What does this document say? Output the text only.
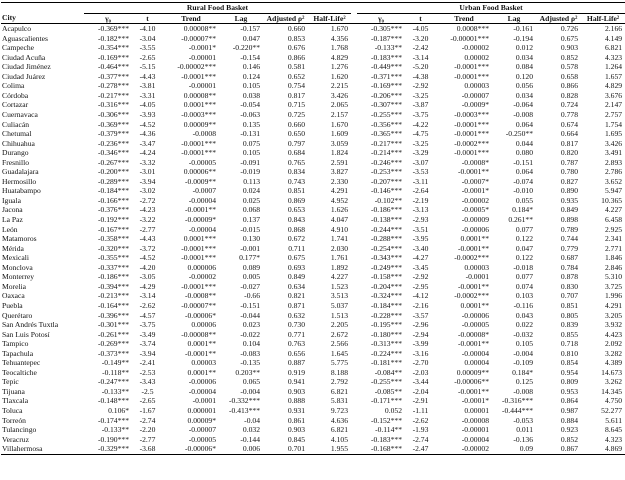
	Rural Food Basket							Urban Food Basket					
City	γ₀	t	Trend	Lag	Adjusted ρ²	Half-Life²		γ₀	t	Trend	Lag	Adjusted ρ²	Half-Life²
Acapulco	-0.369***	-4.10	0.00008**	-0.157	0.660	1.670		-0.305***	-4.05	0.0008***	-0.161	0.726	2.166
Aguascalientes	-0.182***	-3.04	-0.00007**	0.047	0.853	4.356		-0.187***	-3.20	-0.00001***	-0.194	0.675	4.149
Campeche	-0.354***	-3.55	-0.0001*	-0.220**	0.676	1.768		-0.133**	-2.42	-0.00002	0.012	0.903	6.821
Ciudad Acuña	-0.169***	-2.65	-0.00001	-0.154	0.866	4.829		-0.183***	-3.14	0.00002	0.034	0.852	4.323
Ciudad Jiménez	-0.464***	-5.15	-0.00002***	0.146	0.581	1.276		-0.449***	-5.20	-0.0001***	0.084	0.578	1.264
Ciudad Juárez	-0.377***	-4.43	-0.0001***	0.124	0.652	1.620		-0.371***	-4.38	-0.0001***	0.120	0.658	1.657
Colima	-0.278***	-3.81	-0.00001	0.105	0.754	2.215		-0.169***	-2.92	0.00003	0.056	0.866	4.829
Córdoba	-0.217***	-3.31	0.00008**	0.038	0.817	3.426		-0.206***	-3.25	-0.00007	0.034	0.828	3.676
Cortazar	-0.316***	-4.05	0.0001***	-0.054	0.715	2.065		-0.307***	-3.87	-0.0009*	-0.064	0.724	2.147
Cuernavaca	-0.306***	-3.93	-0.0003***	-0.063	0.725	2.157		-0.255***	-3.75	-0.0003***	-0.008	0.778	2.757
Culiacán	-0.369***	-4.52	0.00009**	0.135	0.660	1.670		-0.356***	-4.22	-0.0001***	0.064	0.674	1.754
Chetumal	-0.379***	-4.36	-0.0008	-0.131	0.650	1.609		-0.365***	-4.75	-0.0001***	-0.250**	0.664	1.695
Chihuahua	-0.236***	-3.47	-0.0001***	0.075	0.797	3.059		-0.217***	-3.25	-0.0002***	0.044	0.817	3.426
Durango	-0.346***	-4.24	-0.0001***	0.105	0.684	1.824		-0.214***	-3.29	-0.0001***	0.080	0.820	3.491
Fresnillo	-0.267***	-3.32	-0.00005	-0.091	0.765	2.591		-0.246***	-3.07	-0.0008*	-0.151	0.787	2.893
Guadalajara	-0.200***	-3.01	0.00006**	-0.019	0.834	3.827		-0.253***	-3.53	-0.0001**	0.064	0.780	2.786
Hermosillo	-0.289***	-3.94	-0.0009**	0.113	0.743	2.330		-0.207***	-3.11	-0.0007*	-0.074	0.827	3.652
Huatabampo	-0.184***	-3.02	-0.0007	0.024	0.851	4.291		-0.146***	-2.64	-0.0001*	-0.010	0.890	5.947
Iguala	-0.166***	-2.72	-0.00004	0.025	0.869	4.952		-0.102**	-2.19	-0.00002	0.055	0.935	10.365
Jacona	-0.376***	-4.23	-0.0001**	0.068	0.653	1.626		-0.186***	-3.13	-0.0005*	0.184*	0.849	4.227
La Paz	-0.192***	-3.22	-0.00009*	0.137	0.843	4.047		-0.138***	-2.93	-0.00009	0.261**	0.898	6.458
León	-0.167***	-2.77	-0.00004	-0.015	0.868	4.910		-0.244***	-3.51	-0.00006	0.077	0.789	2.925
Matamoros	-0.358***	-4.43	0.0001***	0.130	0.672	1.741		-0.288***	-3.95	0.0001**	0.122	0.744	2.341
Mérida	-0.320***	-3.72	-0.0001***	-0.001	0.711	2.030		-0.254***	-3.40	-0.0001**	0.047	0.779	2.771
Mexicali	-0.355***	-4.52	-0.0001***	0.177*	0.675	1.761		-0.343***	-4.27	-0.0002***	0.122	0.687	1.846
Monclova	-0.337***	-4.20	0.000006	0.089	0.693	1.892		-0.249***	-3.45	0.00003	-0.018	0.784	2.846
Monterrey	-0.186***	-3.05	-0.00002	0.005	0.849	4.227		-0.158***	-2.92	-0.0001	0.077	0.878	5.310
Morelia	-0.394***	-4.29	-0.0001***	-0.027	0.634	1.523		-0.204***	-2.95	-0.0001**	0.074	0.830	3.725
Oaxaca	-0.213***	-3.14	-0.0008**	-0.66	0.821	3.513		-0.324***	-4.12	-0.0002***	0.103	0.707	1.996
Puebla	-0.164***	-2.62	-0.00007**	-0.151	0.871	5.037		-0.184***	-2.16	0.0001**	-0.116	0.851	4.291
Querétaro	-0.396***	-4.57	-0.00006*	-0.044	0.632	1.513		-0.228***	-3.57	-0.00006	0.043	0.805	3.205
San Andrés Tuxtla	-0.301***	-3.75	0.00006	0.023	0.730	2.205		-0.195***	-2.96	-0.00005	0.022	0.839	3.932
San Luis Potosí	-0.261***	-3.49	-0.00008**	-0.022	0.771	2.672		-0.180***	-2.94	-0.00008*	-0.032	0.855	4.423
Tampico	-0.269***	-3.74	0.0001**	0.104	0.763	2.566		-0.313***	-3.99	-0.0001**	0.105	0.718	2.092
Tapachula	-0.373***	-3.94	-0.0001**	-0.083	0.656	1.645		-0.224***	-3.16	-0.00004	-0.004	0.810	3.282
Tehuantepec	-0.149**	-2.41	0.00003	-0.135	0.887	5.775		-0.181***	-2.70	0.00004	-0.109	0.854	4.389
Teocaltiche	-0.118**	-2.53	0.0001**	0.203**	0.919	8.188		-0.084**	-2.03	0.00009**	0.184*	0.954	14.673
Tepic	-0.247***	-3.43	-0.00006	0.065	0.941	2.792		-0.255***	-3.44	-0.00006**	0.125	0.809	3.262
Tijuana	-0.133**	-2.5	-0.00004	-0.004	0.903	6.821		-0.085**	-2.04	-0.0001**	-0.008	0.953	14.345
Tlaxcala	-0.148***	-2.65	-0.0001	-0.332***	0.888	5.831		-0.171***	-2.91	-0.0001*	-0.316***	0.864	4.750
Toluca	0.106*	-1.67	0.000001	-0.413***	0.931	9.723		0.052	-1.11	0.00001	-0.444***	0.987	52.277
Torreón	-0.174***	-2.74	0.00009*	-0.04	0.861	4.636		-0.152***	-2.62	-0.00008	-0.053	0.884	5.611
Tulancingo	-0.133**	-2.20	-0.00007	0.032	0.903	6.821		-0.114**	-1.93	-0.00001	0.011	0.923	8.645
Veracruz	-0.190***	-2.77	-0.00005	-0.144	0.845	4.105		-0.183***	-2.74	-0.00004	-0.136	0.852	4.323
Villahermosa	-0.329***	-3.68	-0.00006*	0.006	0.701	1.955		-0.168***	-2.47	-0.00002	0.09	0.867	4.869
